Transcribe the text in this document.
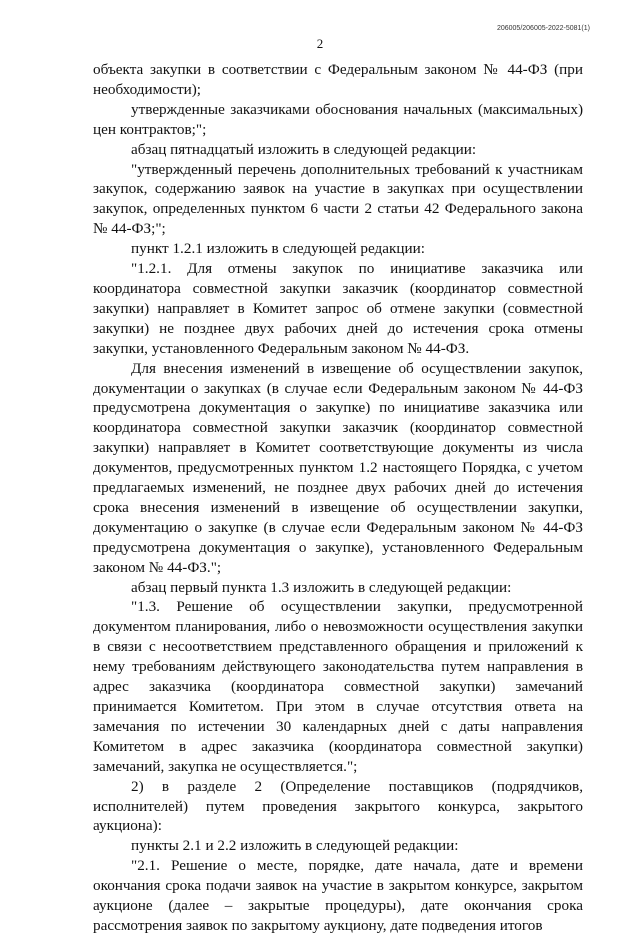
206005/206005-2022-5081(1)
2

объекта закупки в соответствии с Федеральным законом № 44-ФЗ (при необходимости);

утвержденные заказчиками обоснования начальных (максимальных) цен контрактов;";

абзац пятнадцатый изложить в следующей редакции:

"утвержденный перечень дополнительных требований к участникам закупок, содержанию заявок на участие в закупках при осуществлении закупок, определенных пунктом 6 части 2 статьи 42 Федерального закона № 44-ФЗ;";

пункт 1.2.1 изложить в следующей редакции:

"1.2.1. Для отмены закупок по инициативе заказчика или координатора совместной закупки заказчик (координатор совместной закупки) направляет в Комитет запрос об отмене закупки (совместной закупки) не позднее двух рабочих дней до истечения срока отмены закупки, установленного Федеральным законом № 44-ФЗ.

Для внесения изменений в извещение об осуществлении закупок, документации о закупках (в случае если Федеральным законом № 44-ФЗ предусмотрена документация о закупке) по инициативе заказчика или координатора совместной закупки заказчик (координатор совместной закупки) направляет в Комитет соответствующие документы из числа документов, предусмотренных пунктом 1.2 настоящего Порядка, с учетом предлагаемых изменений, не позднее двух рабочих дней до истечения срока внесения изменений в извещение об осуществлении закупки, документацию о закупке (в случае если Федеральным законом № 44-ФЗ предусмотрена документация о закупке), установленного Федеральным законом № 44-ФЗ.";

абзац первый пункта 1.3 изложить в следующей редакции:

"1.3. Решение об осуществлении закупки, предусмотренной документом планирования, либо о невозможности осуществления закупки в связи с несоответствием представленного обращения и приложений к нему требованиям действующего законодательства путем направления в адрес заказчика (координатора совместной закупки) замечаний принимается Комитетом. При этом в случае отсутствия ответа на замечания по истечении 30 календарных дней с даты направления Комитетом в адрес заказчика (координатора совместной закупки) замечаний, закупка не осуществляется.";

2) в разделе 2 (Определение поставщиков (подрядчиков, исполнителей) путем проведения закрытого конкурса, закрытого аукциона):

пункты 2.1 и 2.2 изложить в следующей редакции:

"2.1. Решение о месте, порядке, дате начала, дате и времени окончания срока подачи заявок на участие в закрытом конкурсе, закрытом аукционе (далее – закрытые процедуры), дате окончания срока рассмотрения заявок по закрытому аукциону, дате подведения итогов
